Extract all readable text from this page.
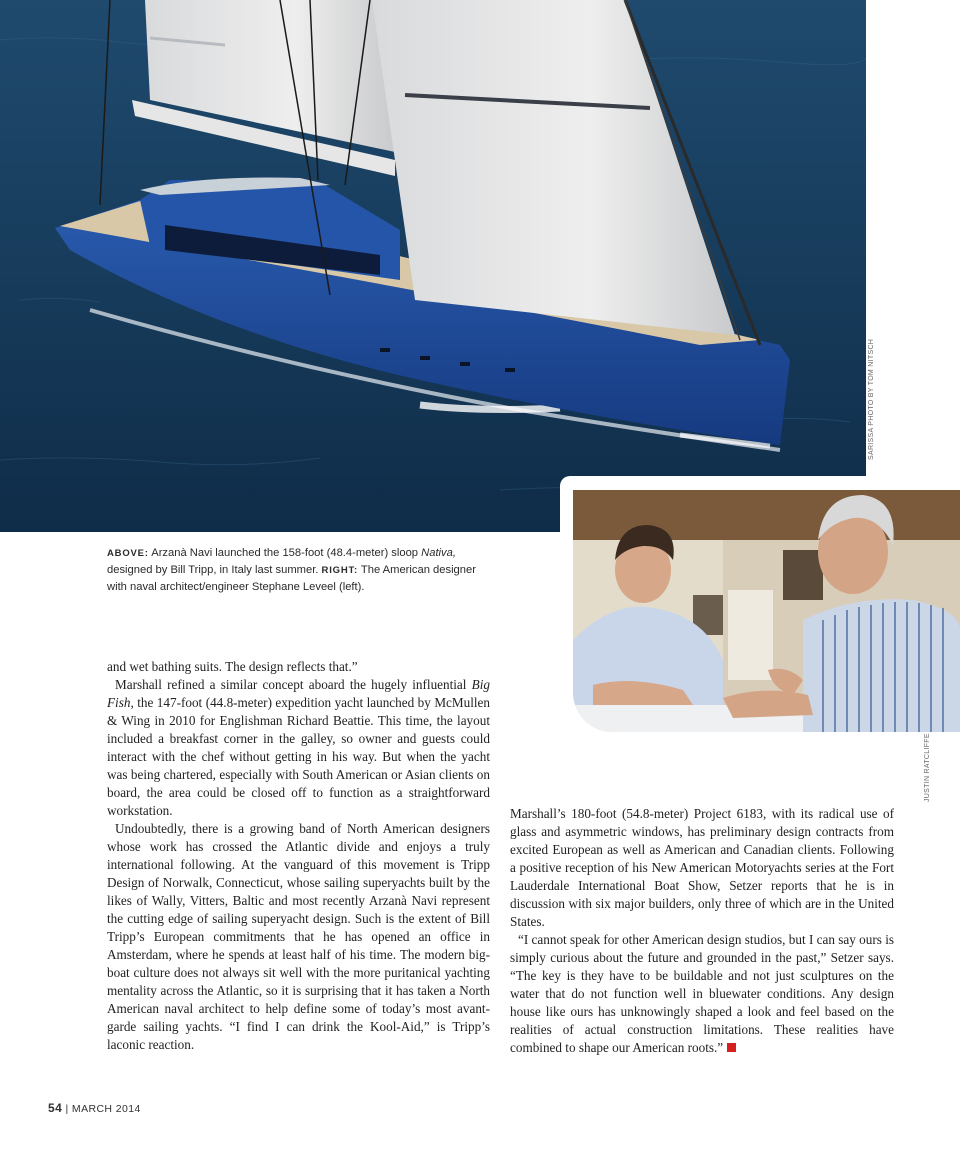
SARISSA PHOTO BY TOM NITSCH
JUSTIN RATCLIFFE
ABOVE: Arzanà Navi launched the 158-foot (48.4-meter) sloop Nativa, designed by Bill Tripp, in Italy last summer. RIGHT: The American designer with naval architect/engineer Stephane Leveel (left).

and wet bathing suits. The design reflects that.”

Marshall refined a similar concept aboard the hugely influential Big Fish, the 147-foot (44.8-meter) expedition yacht launched by McMullen & Wing in 2010 for Englishman Richard Beattie. This time, the layout included a breakfast corner in the galley, so owner and guests could interact with the chef without getting in his way. But when the yacht was being chartered, especially with South American or Asian clients on board, the area could be closed off to function as a straightforward workstation.

Undoubtedly, there is a growing band of North American designers whose work has crossed the Atlantic divide and enjoys a truly international following. At the vanguard of this movement is Tripp Design of Norwalk, Connecticut, whose sailing superyachts built by the likes of Wally, Vitters, Baltic and most recently Arzanà Navi represent the cutting edge of sailing superyacht design. Such is the extent of Bill Tripp’s European commitments that he has opened an office in Amsterdam, where he spends at least half of his time. The modern big-boat culture does not always sit well with the more puritanical yachting mentality across the Atlantic, so it is surprising that it has taken a North American naval architect to help define some of today’s most avant-garde sailing yachts. “I find I can drink the Kool-Aid,” is Tripp’s laconic reaction.

Marshall’s 180-foot (54.8-meter) Project 6183, with its radical use of glass and asymmetric windows, has preliminary design contracts from excited European as well as American and Canadian clients. Following a positive reception of his New American Motoryachts series at the Fort Lauderdale International Boat Show, Setzer reports that he is in discussion with six major builders, only three of which are in the United States.

“I cannot speak for other American design studios, but I can say ours is simply curious about the future and grounded in the past,” Setzer says. “The key is they have to be buildable and not just sculptures on the water that do not function well in bluewater conditions. Any design house like ours has unknowingly shaped a look and feel based on the realities of actual construction limitations. These realities have combined to shape our American roots.”

54 | MARCH 2014
